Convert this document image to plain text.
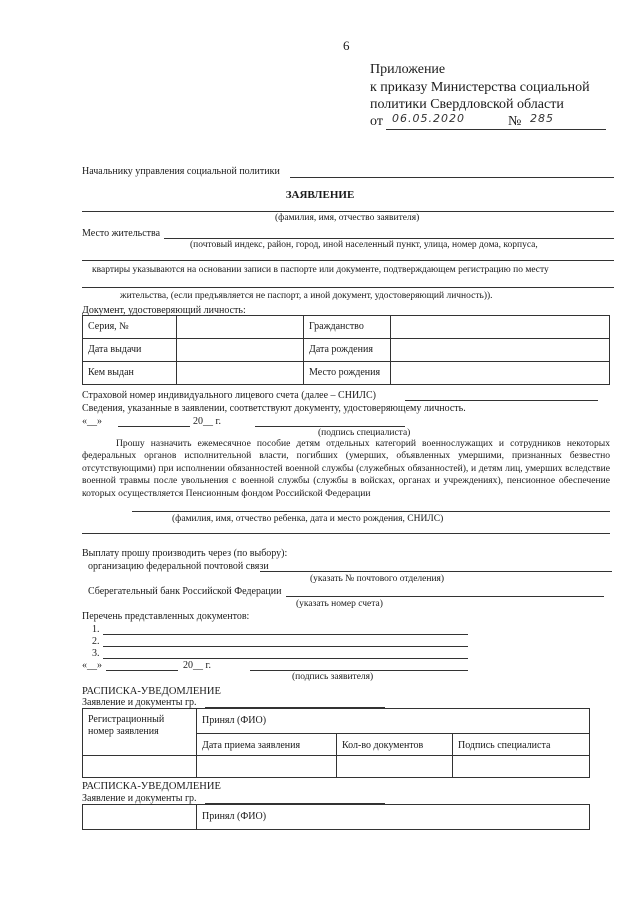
6
Приложение
к приказу Министерства социальной
политики Свердловской области
от 06.05.2020	№ 285
Начальнику управления социальной политики
ЗАЯВЛЕНИЕ
(фамилия, имя, отчество заявителя)
Место жительства
(почтовый индекс, район, город, иной населенный пункт, улица, номер дома, корпуса,
квартиры указываются на основании записи в паспорте или документе, подтверждающем регистрацию по месту
жительства, (если предъявляется не паспорт, а иной документ, удостоверяющий личность)).
Документ, удостоверяющий личность:
Серия, №	Гражданство
Дата выдачи	Дата рождения
Кем выдан	Место рождения
Страховой номер индивидуального лицевого счета (далее – СНИЛС)
Сведения, указанные в заявлении, соответствуют документу, удостоверяющему личность.
«__»	20__ г.
(подпись специалиста)
Прошу назначить ежемесячное пособие детям отдельных категорий военнослужащих и сотрудников некоторых федеральных органов исполнительной власти, погибших (умерших, объявленных умершими, признанных безвестно отсутствующими) при исполнении обязанностей военной службы (служебных обязанностей), и детям лиц, умерших вследствие военной травмы после увольнения с военной службы (службы в войсках, органах и учреждениях), пенсионное обеспечение которых осуществляется Пенсионным фондом Российской Федерации
(фамилия, имя, отчество ребенка, дата и место рождения, СНИЛС)
Выплату прошу производить через (по выбору):
организацию федеральной почтовой связи
(указать № почтового отделения)
Сберегательный банк Российской Федерации
(указать номер счета)
Перечень представленных документов:
1.
2.
3.
«__»	20__ г.
(подпись заявителя)
РАСПИСКА-УВЕДОМЛЕНИЕ
Заявление и документы гр.
Регистрационный номер заявления
Принял (ФИО)
Дата приема заявления	Кол-во документов	Подпись специалиста
РАСПИСКА-УВЕДОМЛЕНИЕ
Заявление и документы гр.
Принял (ФИО)
